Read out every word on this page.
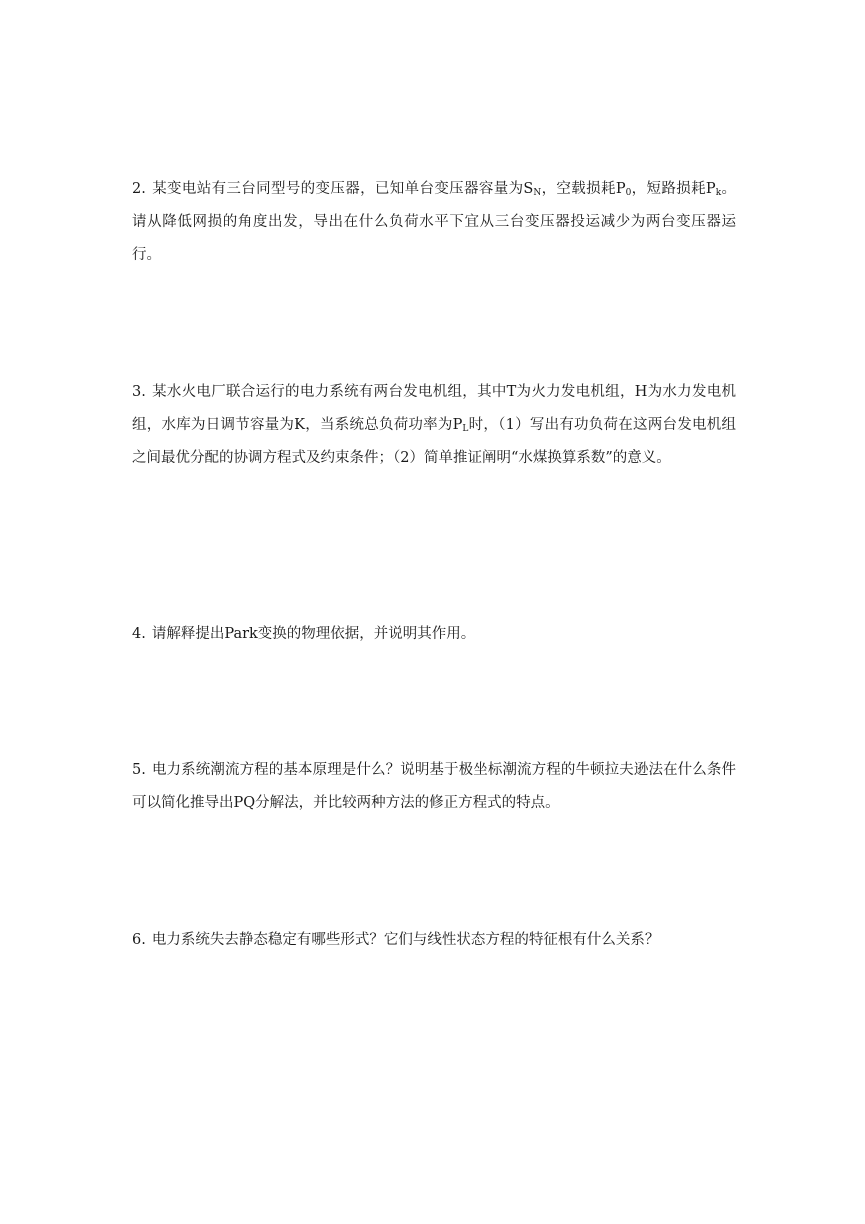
2. 某变电站有三台同型号的变压器，已知单台变压器容量为$S_N$，空载损耗$P_0$，短路损耗$P_k$。请从降低网损的角度出发，导出在什么负荷水平下宜从三台变压器投运减少为两台变压器运行。

3. 某水火电厂联合运行的电力系统有两台发电机组，其中T为火力发电机组，H为水力发电机组，水库为日调节容量为K，当系统总负荷功率为$P_L$时，（1）写出有功负荷在这两台发电机组之间最优分配的协调方程式及约束条件；（2）简单推证阐明“水煤换算系数”的意义。

4. 请解释提出Park变换的物理依据，并说明其作用。

5. 电力系统潮流方程的基本原理是什么？说明基于极坐标潮流方程的牛顿拉夫逊法在什么条件可以简化推导出PQ分解法，并比较两种方法的修正方程式的特点。

6. 电力系统失去静态稳定有哪些形式？它们与线性状态方程的特征根有什么关系？
